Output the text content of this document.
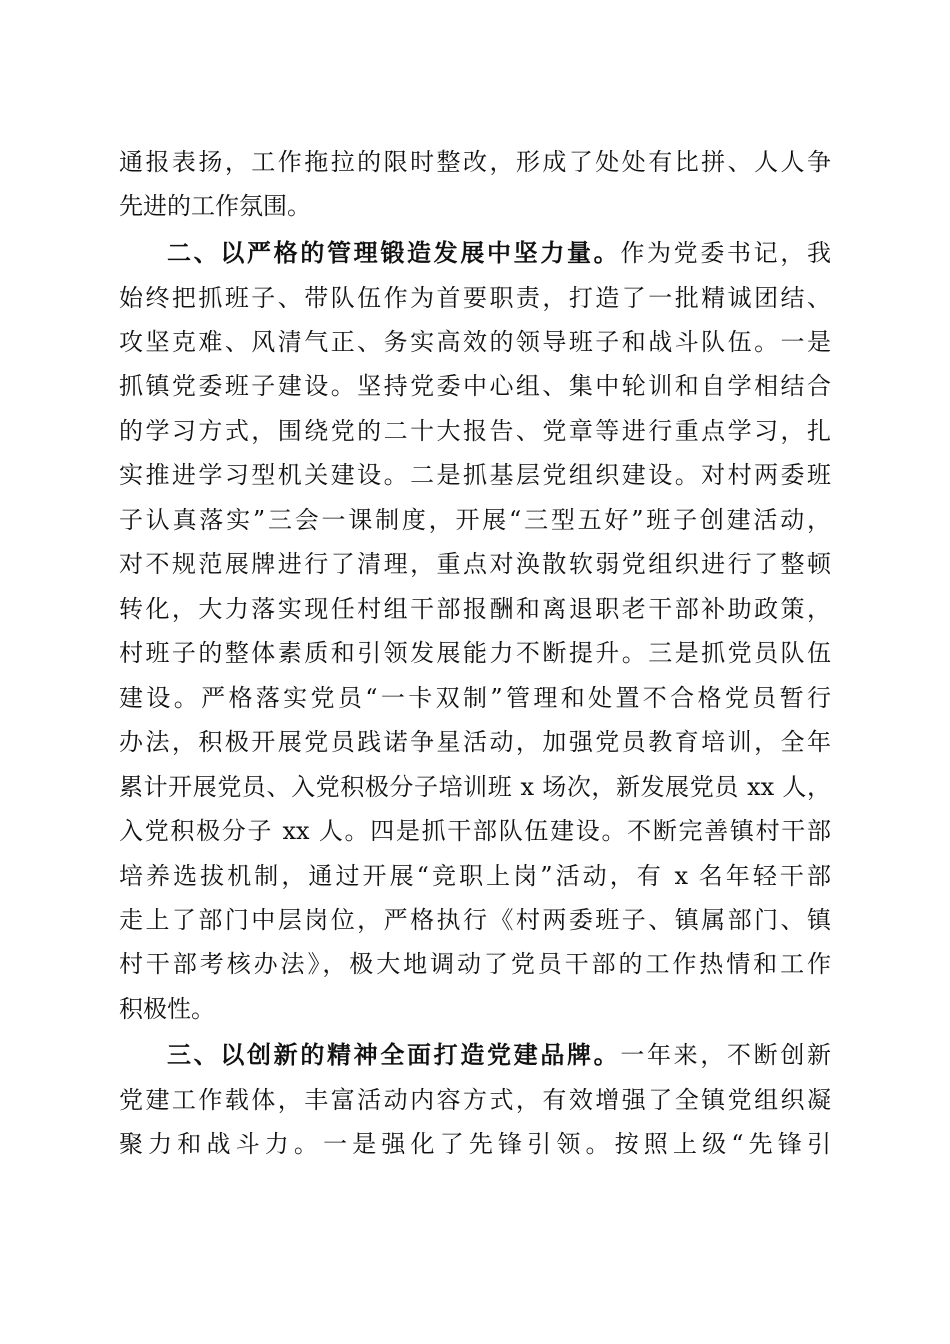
通报表扬，工作拖拉的限时整改，形成了处处有比拼、人人争
先进的工作氛围。
二、以严格的管理锻造发展中坚力量。作为党委书记，我
始终把抓班子、带队伍作为首要职责，打造了一批精诚团结、
攻坚克难、风清气正、务实高效的领导班子和战斗队伍。一是
抓镇党委班子建设。坚持党委中心组、集中轮训和自学相结合
的学习方式，围绕党的二十大报告、党章等进行重点学习，扎
实推进学习型机关建设。二是抓基层党组织建设。对村两委班
子认真落实”三会一课制度，开展“三型五好”班子创建活动，
对不规范展牌进行了清理，重点对涣散软弱党组织进行了整顿
转化，大力落实现任村组干部报酬和离退职老干部补助政策，
村班子的整体素质和引领发展能力不断提升。三是抓党员队伍
建设。严格落实党员“一卡双制”管理和处置不合格党员暂行
办法，积极开展党员践诺争星活动，加强党员教育培训，全年
累计开展党员、入党积极分子培训班 x 场次，新发展党员 xx 人，
入党积极分子 xx 人。四是抓干部队伍建设。不断完善镇村干部
培养选拔机制，通过开展“竞职上岗”活动，有 x 名年轻干部
走上了部门中层岗位，严格执行《村两委班子、镇属部门、镇
村干部考核办法》，极大地调动了党员干部的工作热情和工作
积极性。
三、以创新的精神全面打造党建品牌。一年来，不断创新
党建工作载体，丰富活动内容方式，有效增强了全镇党组织凝
聚力和战斗力。一是强化了先锋引领。按照上级“先锋引
